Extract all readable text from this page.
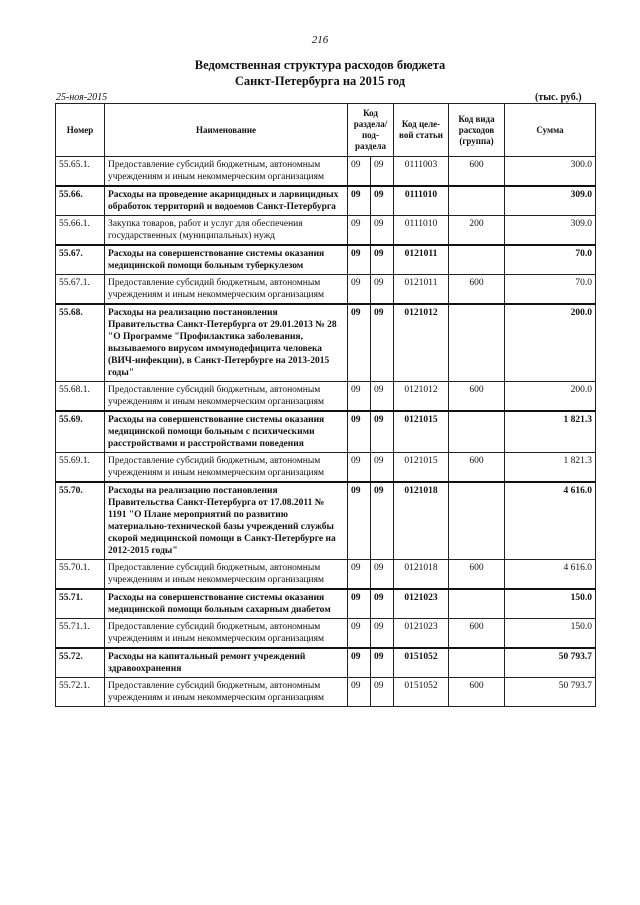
216
Ведомственная структура расходов бюджета
Санкт-Петербурга на 2015 год
25-ноя-2015	(тыс. руб.)
Номер	Наименование	Код раздела/ под- раздела		Код целе- вой статьи	Код вида расходов (группа)	Сумма
55.65.1.	Предоставление субсидий бюджетным, автономным учреждениям и иным некоммерческим организациям	09	09	0111003	600	300.0
55.66.	Расходы на проведение акарицидных и ларвицидных обработок территорий и водоемов Санкт-Петербурга	09	09	0111010		309.0
55.66.1.	Закупка товаров, работ и услуг для обеспечения государственных (муниципальных) нужд	09	09	0111010	200	309.0
55.67.	Расходы на совершенствование системы оказания медицинской помощи больным туберкулезом	09	09	0121011		70.0
55.67.1.	Предоставление субсидий бюджетным, автономным учреждениям и иным некоммерческим организациям	09	09	0121011	600	70.0
55.68.	Расходы на реализацию постановления Правительства Санкт-Петербурга от 29.01.2013 № 28 "О Программе "Профилактика заболевания, вызываемого вирусом иммунодефицита человека (ВИЧ-инфекции), в Санкт-Петербурге на 2013-2015 годы"	09	09	0121012		200.0
55.68.1.	Предоставление субсидий бюджетным, автономным учреждениям и иным некоммерческим организациям	09	09	0121012	600	200.0
55.69.	Расходы на совершенствование системы оказания медицинской помощи больным с психическими расстройствами и расстройствами поведения	09	09	0121015		1 821.3
55.69.1.	Предоставление субсидий бюджетным, автономным учреждениям и иным некоммерческим организациям	09	09	0121015	600	1 821.3
55.70.	Расходы на реализацию постановления Правительства Санкт-Петербурга от 17.08.2011 № 1191 "О Плане мероприятий по развитию материально-технической базы учреждений службы скорой медицинской помощи в Санкт-Петербурге на 2012-2015 годы"	09	09	0121018		4 616.0
55.70.1.	Предоставление субсидий бюджетным, автономным учреждениям и иным некоммерческим организациям	09	09	0121018	600	4 616.0
55.71.	Расходы на совершенствование системы оказания медицинской помощи больным сахарным диабетом	09	09	0121023		150.0
55.71.1.	Предоставление субсидий бюджетным, автономным учреждениям и иным некоммерческим организациям	09	09	0121023	600	150.0
55.72.	Расходы на капитальный ремонт учреждений здравоохранения	09	09	0151052		50 793.7
55.72.1.	Предоставление субсидий бюджетным, автономным учреждениям и иным некоммерческим организациям	09	09	0151052	600	50 793.7
